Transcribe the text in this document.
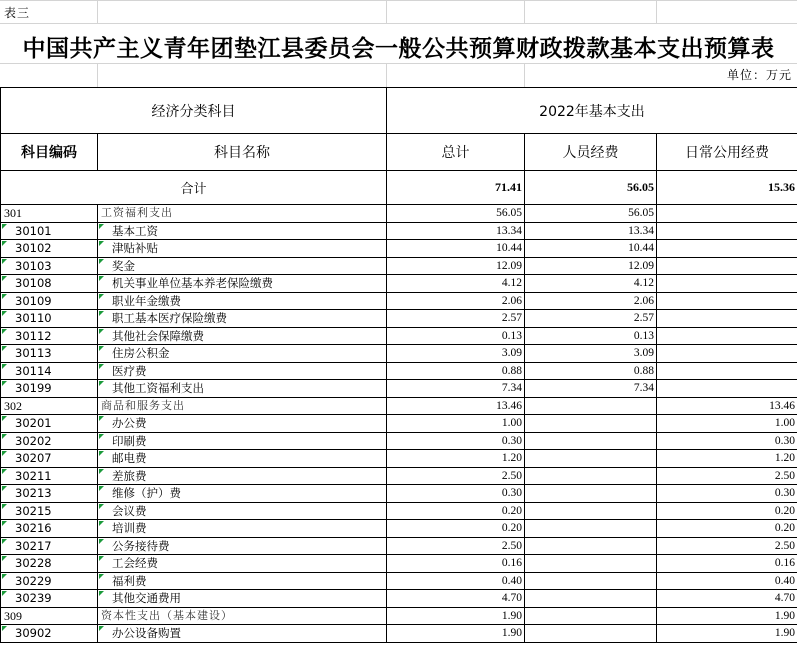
表三
中国共产主义青年团垫江县委员会一般公共预算财政拨款基本支出预算表
单位：万元
经济分类科目		2022年基本支出		
科目编码	科目名称	总计	人员经费	日常公用经费
合计		71.41	56.05	15.36
301	工资福利支出	56.05	56.05	

30101	基本工资	13.34	13.34	

30102	津贴补贴	10.44	10.44	

30103	奖金	12.09	12.09	

30108	机关事业单位基本养老保险缴费	4.12	4.12	

30109	职业年金缴费	2.06	2.06	

30110	职工基本医疗保险缴费	2.57	2.57	

30112	其他社会保障缴费	0.13	0.13	

30113	住房公积金	3.09	3.09	

30114	医疗费	0.88	0.88	

30199	其他工资福利支出	7.34	7.34	
302	商品和服务支出	13.46		13.46

30201	办公费	1.00		1.00

30202	印刷费	0.30		0.30

30207	邮电费	1.20		1.20

30211	差旅费	2.50		2.50

30213	维修（护）费	0.30		0.30

30215	会议费	0.20		0.20

30216	培训费	0.20		0.20

30217	公务接待费	2.50		2.50

30228	工会经费	0.16		0.16

30229	福利费	0.40		0.40

30239	其他交通费用	4.70		4.70
309	资本性支出（基本建设）	1.90		1.90

30902	办公设备购置	1.90		1.90
